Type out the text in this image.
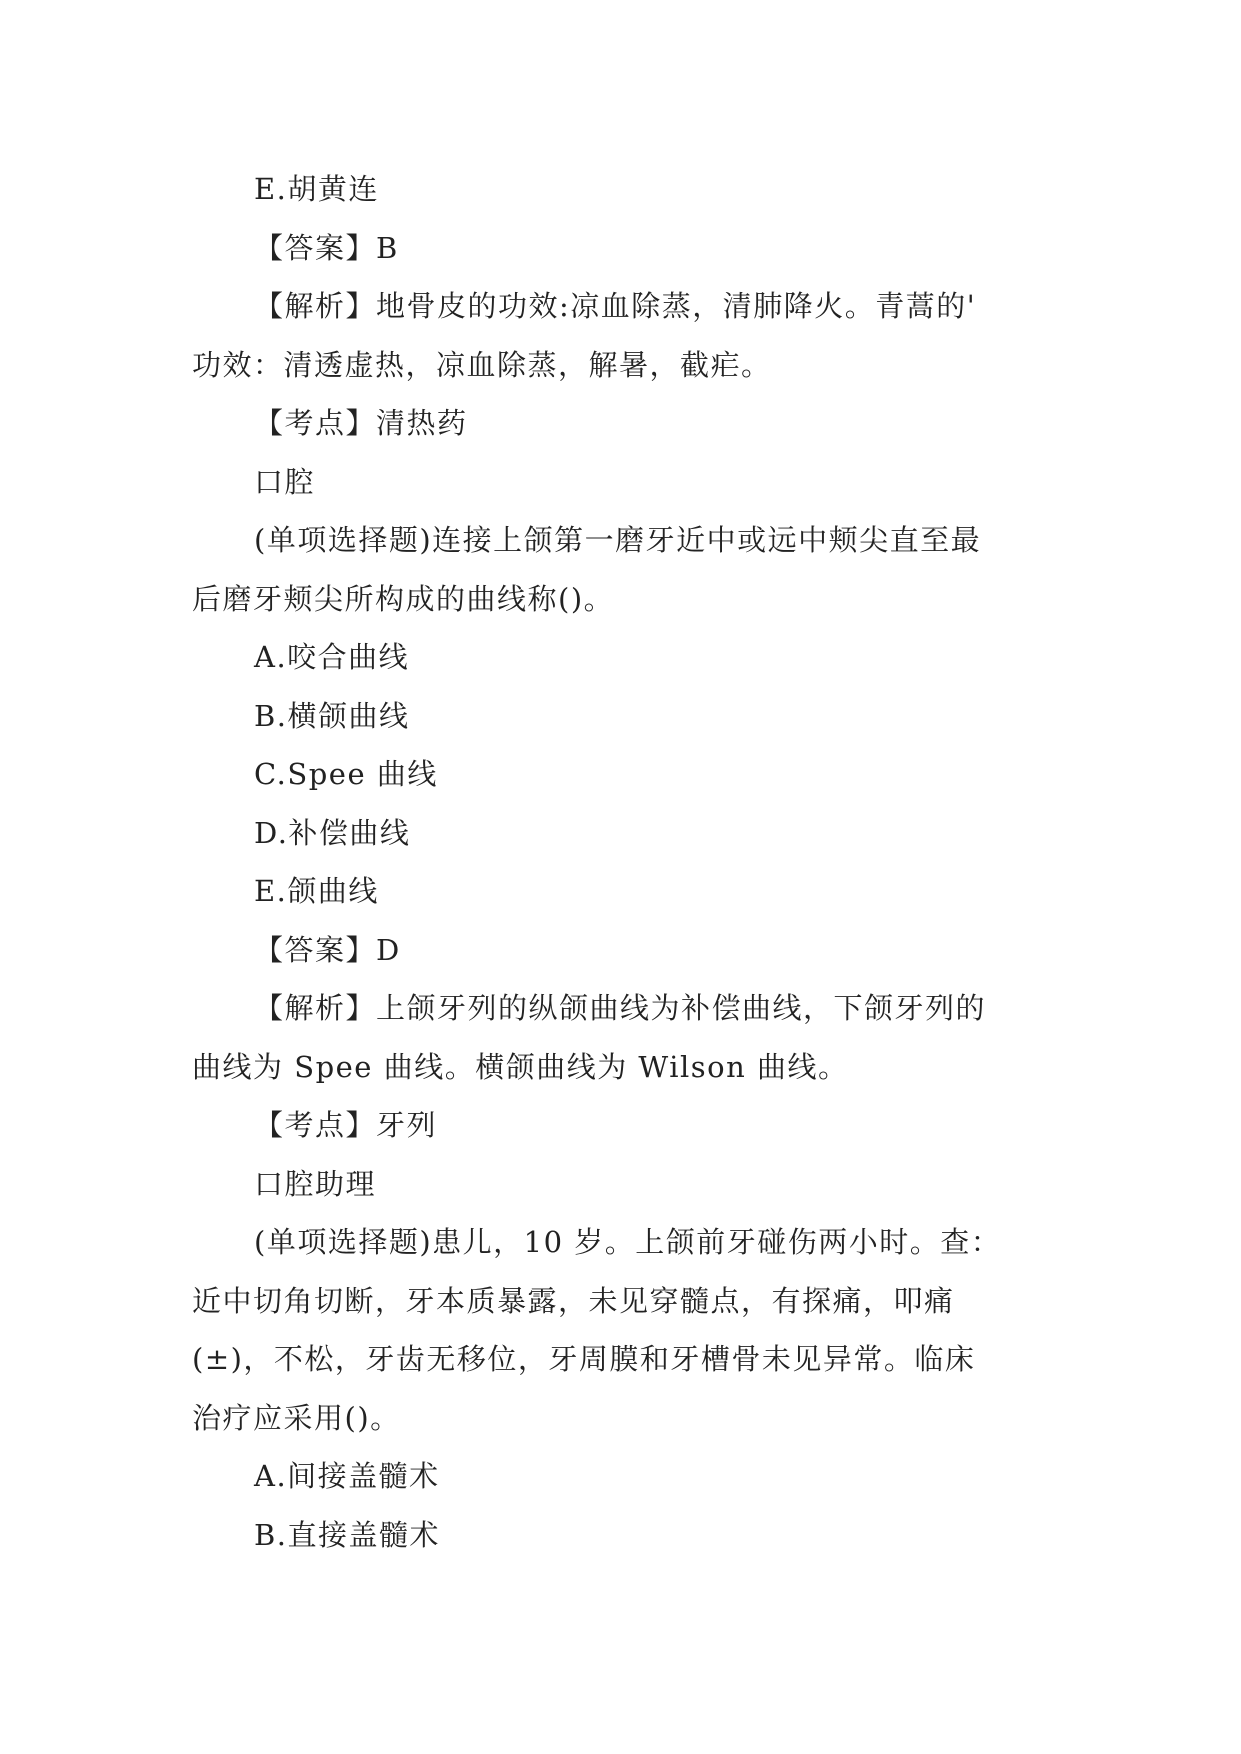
E.胡黄连

【答案】B

【解析】地骨皮的功效:凉血除蒸，清肺降火。青蒿的'

功效：清透虚热，凉血除蒸，解暑，截疟。

【考点】清热药

口腔

(单项选择题)连接上颌第一磨牙近中或远中颊尖直至最

后磨牙颊尖所构成的曲线称()。

A.咬合曲线

B.横颌曲线

C.Spee 曲线

D.补偿曲线

E.颌曲线

【答案】D

【解析】上颌牙列的纵颌曲线为补偿曲线，下颌牙列的

曲线为 Spee 曲线。横颌曲线为 Wilson 曲线。

【考点】牙列

口腔助理

(单项选择题)患儿，10 岁。上颌前牙碰伤两小时。查：

近中切角切断，牙本质暴露，未见穿髓点，有探痛，叩痛

(±)，不松，牙齿无移位，牙周膜和牙槽骨未见异常。临床

治疗应采用()。

A.间接盖髓术

B.直接盖髓术
